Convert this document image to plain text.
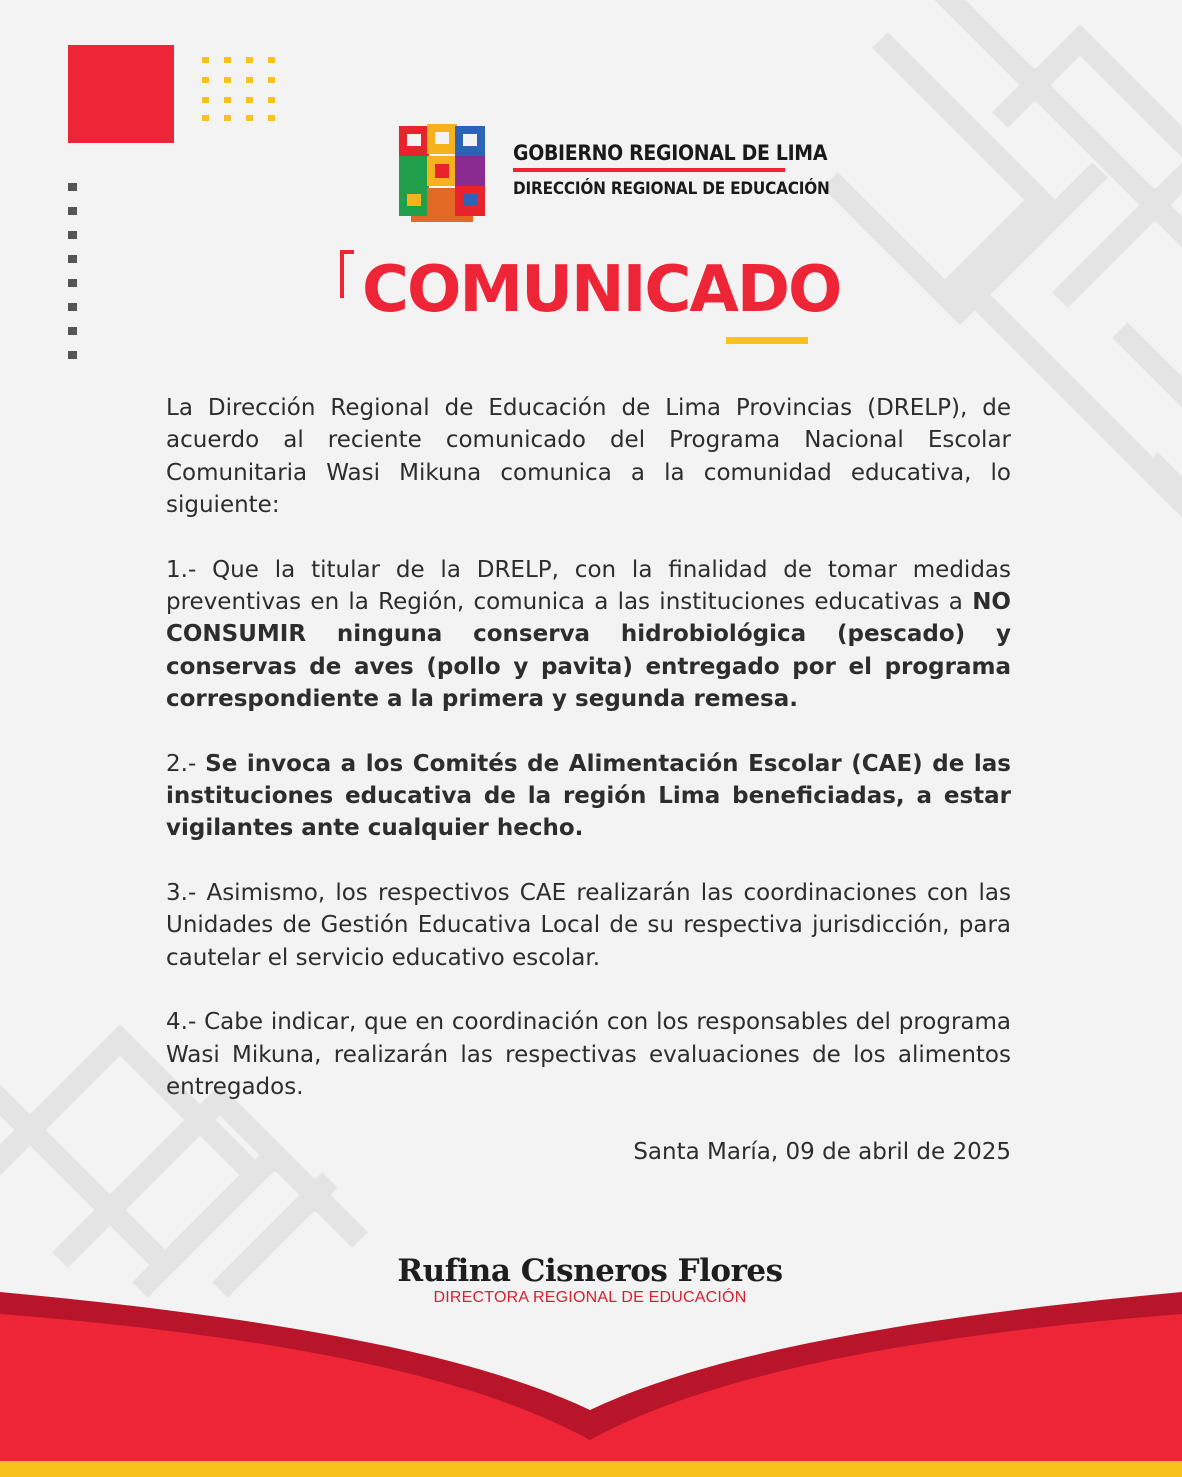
GOBIERNO REGIONAL DE LIMA
DIRECCIÓN REGIONAL DE EDUCACIÓN
COMUNICADO

La Dirección Regional de Educación de Lima Provincias (DRELP), de acuerdo al reciente comunicado del Programa Nacional Escolar Comunitaria Wasi Mikuna comunica a la comunidad educativa, lo siguiente:

1.- Que la titular de la DRELP, con la finalidad de tomar medidas preventivas en la Región, comunica a las instituciones educativas a NO CONSUMIR ninguna conserva hidrobiológica (pescado) y conservas de aves (pollo y pavita) entregado por el programa correspondiente a la primera y segunda remesa.

2.- Se invoca a los Comités de Alimentación Escolar (CAE) de las instituciones educativa de la región Lima beneficiadas, a estar vigilantes ante cualquier hecho.

3.- Asimismo, los respectivos CAE realizarán las coordinaciones con las Unidades de Gestión Educativa Local de su respectiva jurisdicción, para cautelar el servicio educativo escolar.

4.- Cabe indicar, que en coordinación con los responsables del programa Wasi Mikuna, realizarán las respectivas evaluaciones de los alimentos entregados.

Santa María, 09 de abril de 2025
Rufina Cisneros Flores
DIRECTORA REGIONAL DE EDUCACIÓN
